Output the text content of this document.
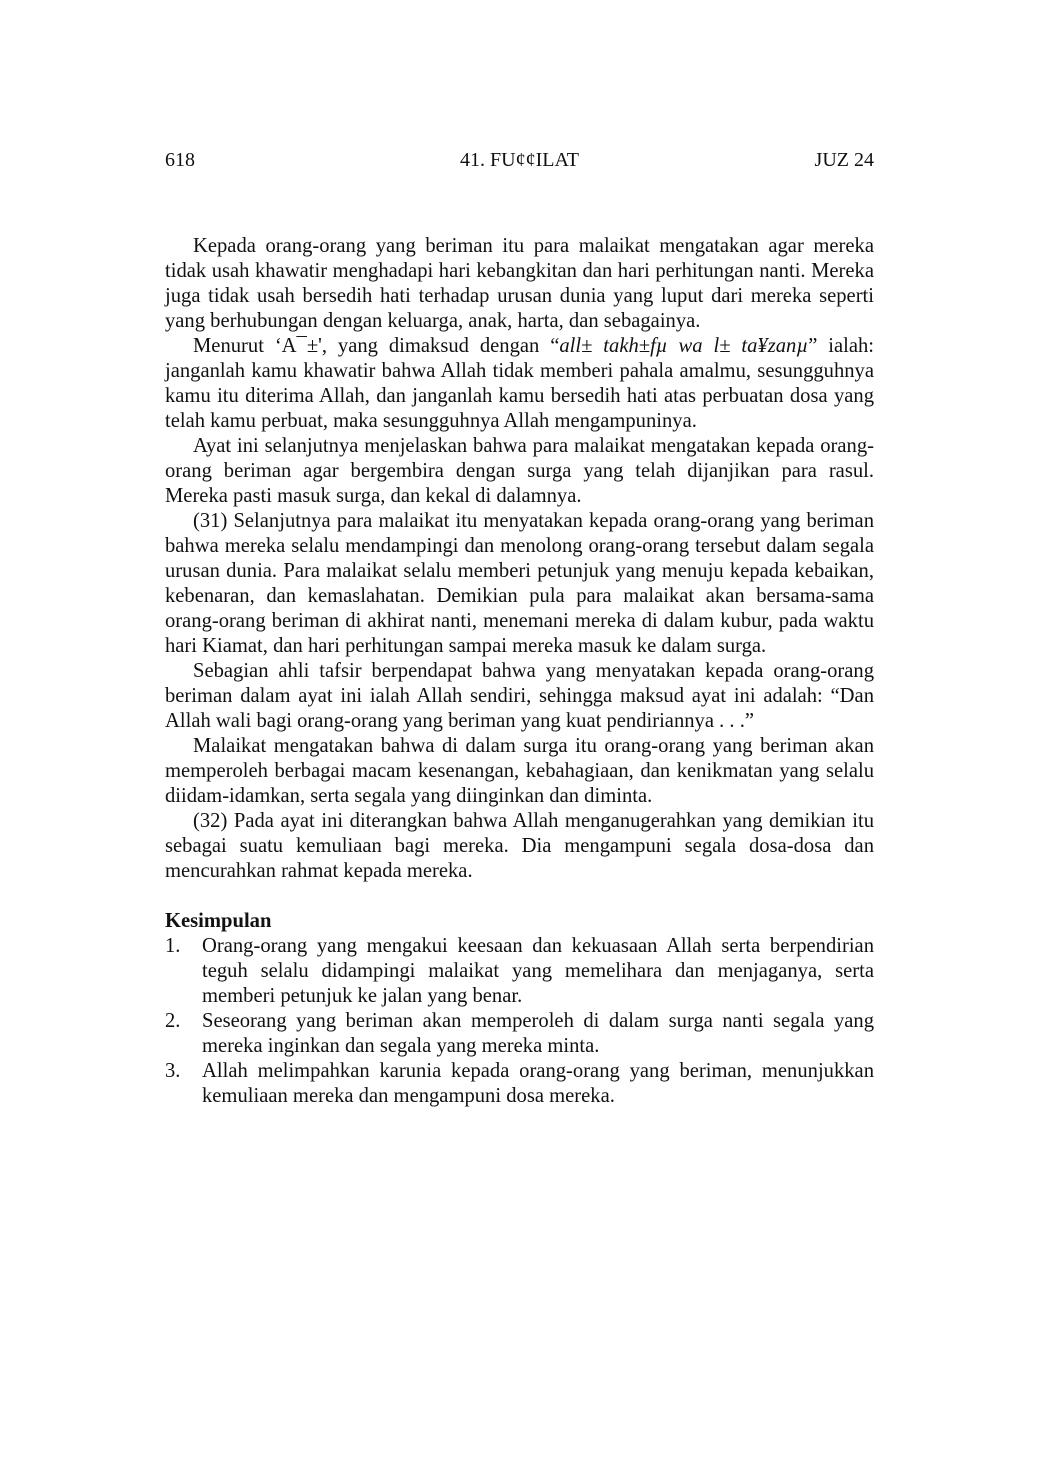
618	41. FU¢¢ILAT	JUZ 24

Kepada orang-orang yang beriman itu para malaikat mengatakan agar mereka tidak usah khawatir menghadapi hari kebangkitan dan hari perhitungan nanti. Mereka juga tidak usah bersedih hati terhadap urusan dunia yang luput dari mereka seperti yang berhubungan dengan keluarga, anak, harta, dan sebagainya.

Menurut ‘A¯±', yang dimaksud dengan “all± takh±fµ wa l± ta¥zanµ” ialah: janganlah kamu khawatir bahwa Allah tidak memberi pahala amalmu, sesungguhnya kamu itu diterima Allah, dan janganlah kamu bersedih hati atas perbuatan dosa yang telah kamu perbuat, maka sesungguhnya Allah mengampuninya.

Ayat ini selanjutnya menjelaskan bahwa para malaikat mengatakan kepada orang-orang beriman agar bergembira dengan surga yang telah dijanjikan para rasul. Mereka pasti masuk surga, dan kekal di dalamnya.

(31) Selanjutnya para malaikat itu menyatakan kepada orang-orang yang beriman bahwa mereka selalu mendampingi dan menolong orang-orang tersebut dalam segala urusan dunia. Para malaikat selalu memberi petunjuk yang menuju kepada kebaikan, kebenaran, dan kemaslahatan. Demikian pula para malaikat akan bersama-sama orang-orang beriman di akhirat nanti, menemani mereka di dalam kubur, pada waktu hari Kiamat, dan hari perhitungan sampai mereka masuk ke dalam surga.

Sebagian ahli tafsir berpendapat bahwa yang menyatakan kepada orang-orang beriman dalam ayat ini ialah Allah sendiri, sehingga maksud ayat ini adalah: “Dan Allah wali bagi orang-orang yang beriman yang kuat pendiriannya . . .”

Malaikat mengatakan bahwa di dalam surga itu orang-orang yang beriman akan memperoleh berbagai macam kesenangan, kebahagiaan, dan kenikmatan yang selalu diidam-idamkan, serta segala yang diinginkan dan diminta.

(32) Pada ayat ini diterangkan bahwa Allah menganugerahkan yang demikian itu sebagai suatu kemuliaan bagi mereka. Dia mengampuni segala dosa-dosa dan mencurahkan rahmat kepada mereka.

Kesimpulan
1. Orang-orang yang mengakui keesaan dan kekuasaan Allah serta berpendirian teguh selalu didampingi malaikat yang memelihara dan menjaganya, serta memberi petunjuk ke jalan yang benar.
2. Seseorang yang beriman akan memperoleh di dalam surga nanti segala yang mereka inginkan dan segala yang mereka minta.
3. Allah melimpahkan karunia kepada orang-orang yang beriman, menunjukkan kemuliaan mereka dan mengampuni dosa mereka.
